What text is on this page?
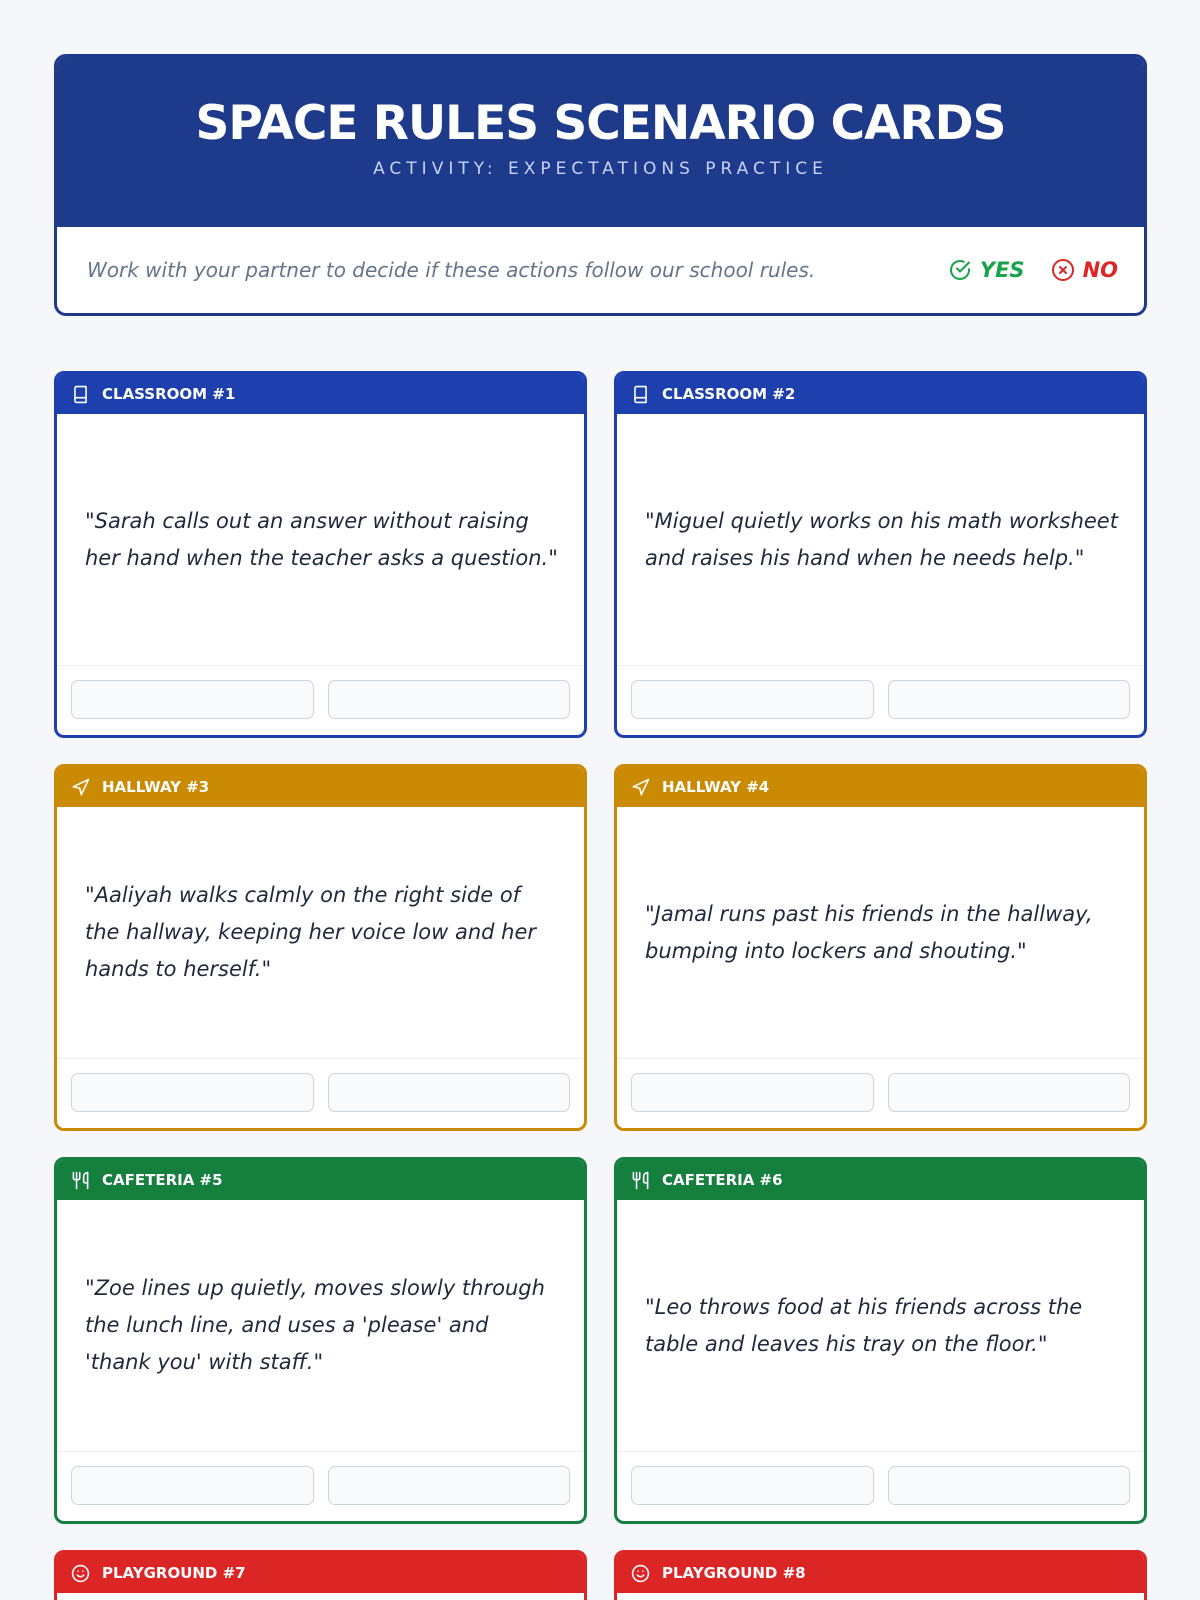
SPACE RULES SCENARIO CARDS
ACTIVITY: EXPECTATIONS PRACTICE
Work with your partner to decide if these actions follow our school rules.	YES	NO
CLASSROOM #1
"Sarah calls out an answer without raising her hand when the teacher asks a question."
CLASSROOM #2
"Miguel quietly works on his math worksheet and raises his hand when he needs help."
HALLWAY #3
"Aaliyah walks calmly on the right side of the hallway, keeping her voice low and her hands to herself."
HALLWAY #4
"Jamal runs past his friends in the hallway, bumping into lockers and shouting."
CAFETERIA #5
"Zoe lines up quietly, moves slowly through the lunch line, and uses a 'please' and 'thank you' with staff."
CAFETERIA #6
"Leo throws food at his friends across the table and leaves his tray on the floor."
PLAYGROUND #7	PLAYGROUND #8
